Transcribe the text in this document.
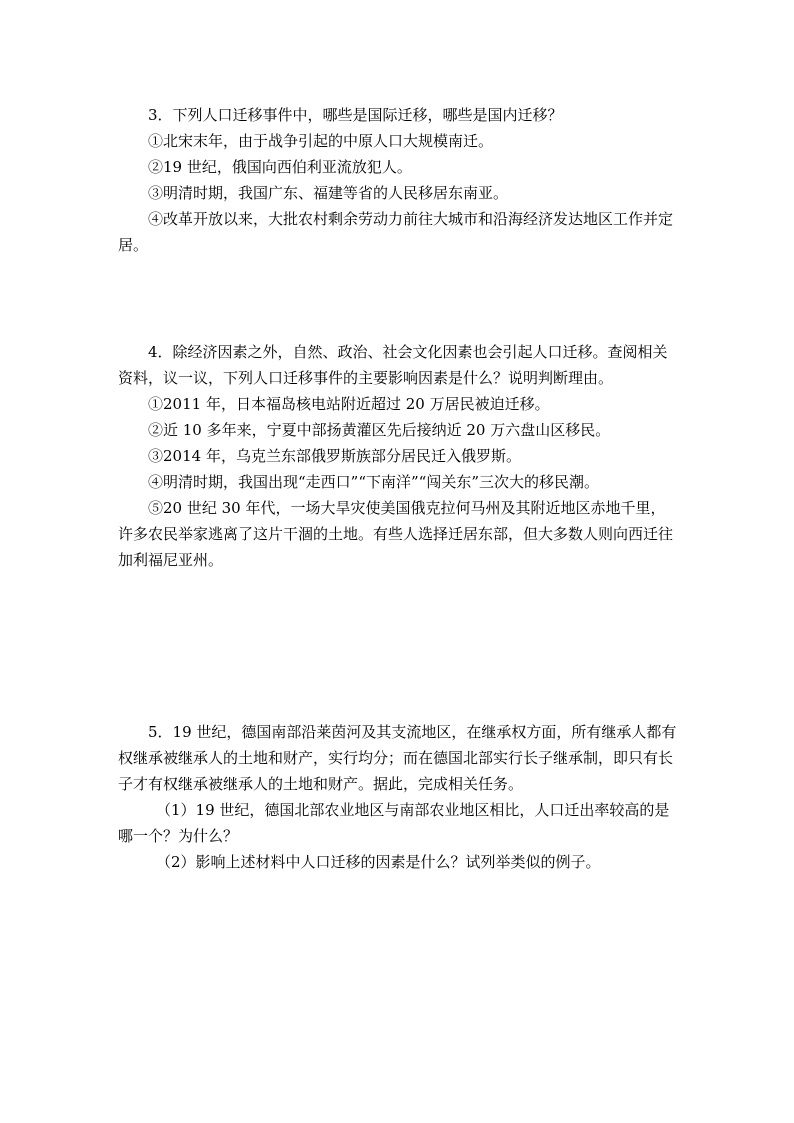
3．下列人口迁移事件中，哪些是国际迁移，哪些是国内迁移？

①北宋末年，由于战争引起的中原人口大规模南迁。

②19 世纪，俄国向西伯利亚流放犯人。

③明清时期，我国广东、福建等省的人民移居东南亚。

④改革开放以来，大批农村剩余劳动力前往大城市和沿海经济发达地区工作并定居。

4．除经济因素之外，自然、政治、社会文化因素也会引起人口迁移。查阅相关资料，议一议，下列人口迁移事件的主要影响因素是什么？说明判断理由。

①2011 年，日本福岛核电站附近超过 20 万居民被迫迁移。

②近 10 多年来，宁夏中部扬黄灌区先后接纳近 20 万六盘山区移民。

③2014 年，乌克兰东部俄罗斯族部分居民迁入俄罗斯。

④明清时期，我国出现“走西口”“下南洋”“闯关东”三次大的移民潮。

⑤20 世纪 30 年代，一场大旱灾使美国俄克拉何马州及其附近地区赤地千里，许多农民举家逃离了这片干涸的土地。有些人选择迁居东部，但大多数人则向西迁往加利福尼亚州。

5．19 世纪，德国南部沿莱茵河及其支流地区，在继承权方面，所有继承人都有权继承被继承人的土地和财产，实行均分；而在德国北部实行长子继承制，即只有长子才有权继承被继承人的土地和财产。据此，完成相关任务。

（1）19 世纪，德国北部农业地区与南部农业地区相比，人口迁出率较高的是哪一个？为什么？

（2）影响上述材料中人口迁移的因素是什么？试列举类似的例子。
